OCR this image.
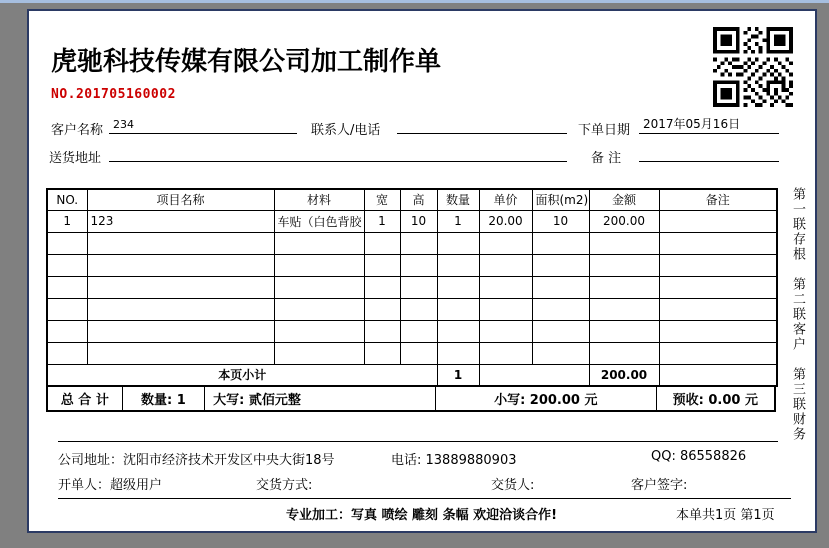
虎驰科技传媒有限公司加工制作单
NO.201705160002
客户名称 234	联系人/电话	下单日期	2017年05月16日
送货地址	备 注
NO.	项目名称	材料	宽	高	数量	单价	面积(m2)	金额	备注
1	123	车贴（白色背胶	1	10	1	20.00	10	200.00	

本页小计					1			200.00	
总 合 计	数量: 1	大写: 贰佰元整	小写: 200.00 元	预收: 0.00 元
第一联存根
第二联客户
第三联财务
公司地址：沈阳市经济技术开发区中央大街18号	电话: 13889880903	QQ: 86558826
开单人：超级用户	交货方式:	交货人:	客户签字:
专业加工：写真 喷绘 雕刻 条幅 欢迎洽谈合作!	本单共1页 第1页
